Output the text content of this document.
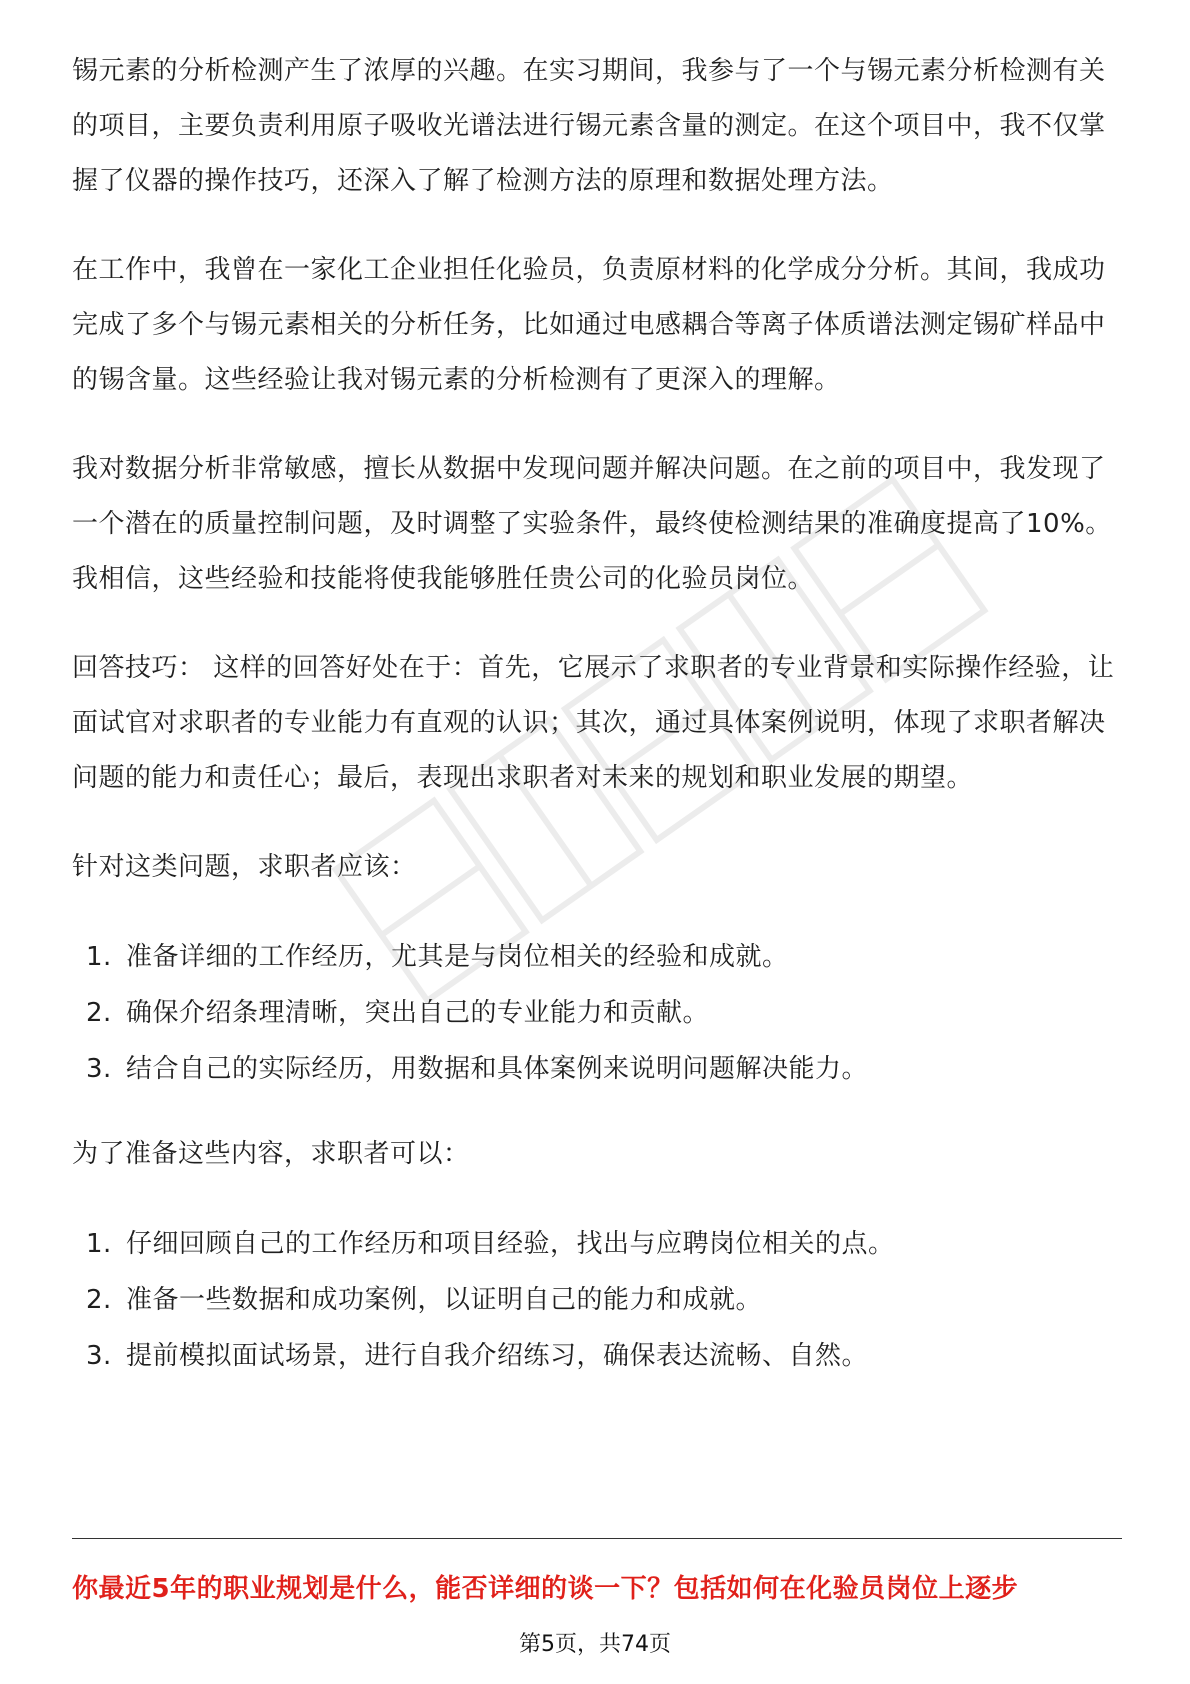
锡元素的分析检测产生了浓厚的兴趣。在实习期间，我参与了一个与锡元素分析检测有关的项目，主要负责利用原子吸收光谱法进行锡元素含量的测定。在这个项目中，我不仅掌握了仪器的操作技巧，还深入了解了检测方法的原理和数据处理方法。

在工作中，我曾在一家化工企业担任化验员，负责原材料的化学成分分析。其间，我成功完成了多个与锡元素相关的分析任务，比如通过电感耦合等离子体质谱法测定锡矿样品中的锡含量。这些经验让我对锡元素的分析检测有了更深入的理解。

我对数据分析非常敏感，擅长从数据中发现问题并解决问题。在之前的项目中，我发现了一个潜在的质量控制问题，及时调整了实验条件，最终使检测结果的准确度提高了10%。我相信，这些经验和技能将使我能够胜任贵公司的化验员岗位。

回答技巧： 这样的回答好处在于：首先，它展示了求职者的专业背景和实际操作经验，让面试官对求职者的专业能力有直观的认识；其次，通过具体案例说明，体现了求职者解决问题的能力和责任心；最后，表现出求职者对未来的规划和职业发展的期望。

针对这类问题，求职者应该：

1. 准备详细的工作经历，尤其是与岗位相关的经验和成就。
2. 确保介绍条理清晰，突出自己的专业能力和贡献。
3. 结合自己的实际经历，用数据和具体案例来说明问题解决能力。

为了准备这些内容，求职者可以：

1. 仔细回顾自己的工作经历和项目经验，找出与应聘岗位相关的点。
2. 准备一些数据和成功案例，以证明自己的能力和成就。
3. 提前模拟面试场景，进行自我介绍练习，确保表达流畅、自然。
你最近5年的职业规划是什么，能否详细的谈一下？包括如何在化验员岗位上逐步
第5页，共74页
